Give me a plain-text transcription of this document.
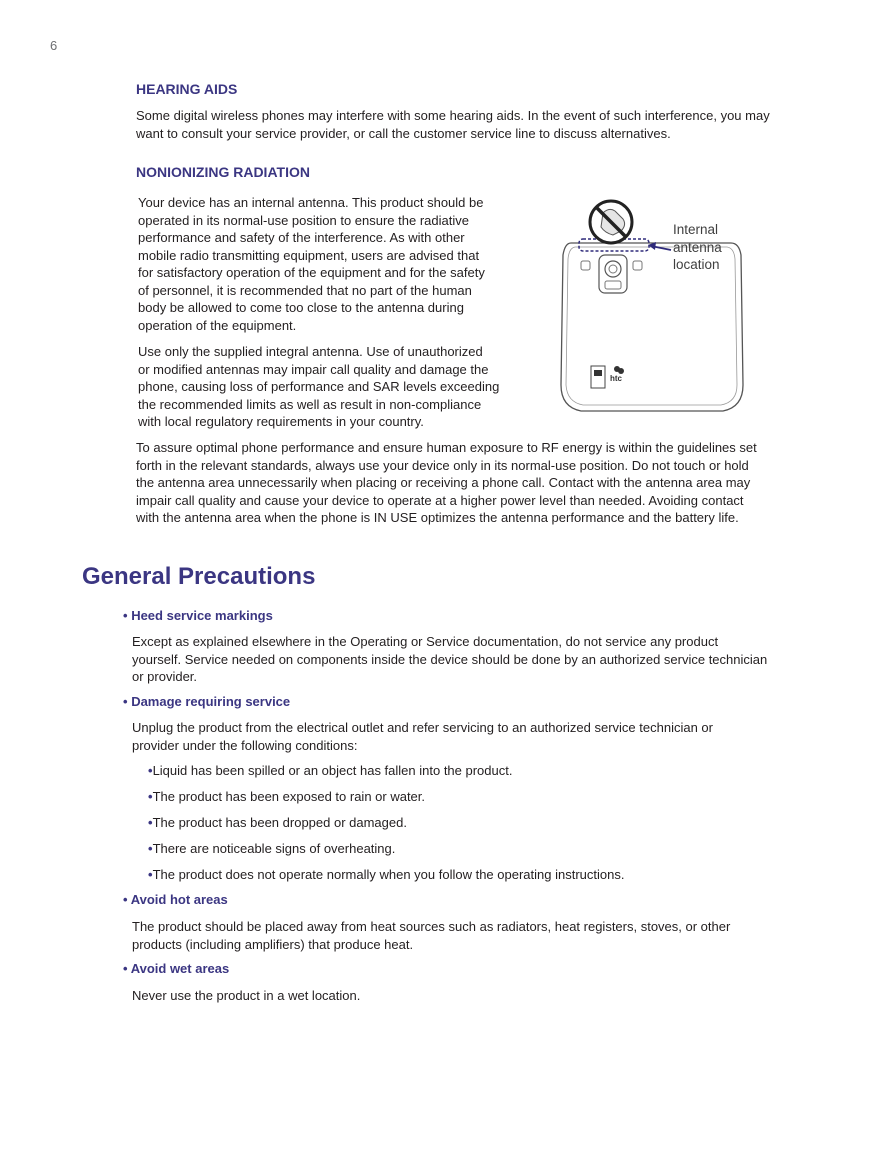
6
HEARING AIDS

Some digital wireless phones may interfere with some hearing aids. In the event of such interference, you may
want to consult your service provider, or call the customer service line to discuss alternatives.

NONIONIZING RADIATION

Your device has an internal antenna. This product should be
operated in its normal-use position to ensure the radiative
performance and safety of the interference. As with other
mobile radio transmitting equipment, users are advised that
for satisfactory operation of the equipment and for the safety
of personnel, it is recommended that no part of the human
body be allowed to come too close to the antenna during
operation of the equipment.

Use only the supplied integral antenna. Use of unauthorized
or modified antennas may impair call quality and damage the
phone, causing loss of performance and SAR levels exceeding
the recommended limits as well as result in non-compliance
with local regulatory requirements in your country.

htc
Internal
antenna
location

To assure optimal phone performance and ensure human exposure to RF energy is within the guidelines set
forth in the relevant standards, always use your device only in its normal-use position. Do not touch or hold
the antenna area unnecessarily when placing or receiving a phone call. Contact with the antenna area may
impair call quality and cause your device to operate at a higher power level than needed. Avoiding contact
with the antenna area when the phone is IN USE optimizes the antenna performance and the battery life.

General Precautions

• Heed service markings

Except as explained elsewhere in the Operating or Service documentation, do not service any product
yourself. Service needed on components inside the device should be done by an authorized service technician
or provider.

• Damage requiring service

Unplug the product from the electrical outlet and refer servicing to an authorized service technician or
provider under the following conditions:

•Liquid has been spilled or an object has fallen into the product.

•The product has been exposed to rain or water.

•The product has been dropped or damaged.

•There are noticeable signs of overheating.

•The product does not operate normally when you follow the operating instructions.

• Avoid hot areas

The product should be placed away from heat sources such as radiators, heat registers, stoves, or other
products (including amplifiers) that produce heat.

• Avoid wet areas

Never use the product in a wet location.
